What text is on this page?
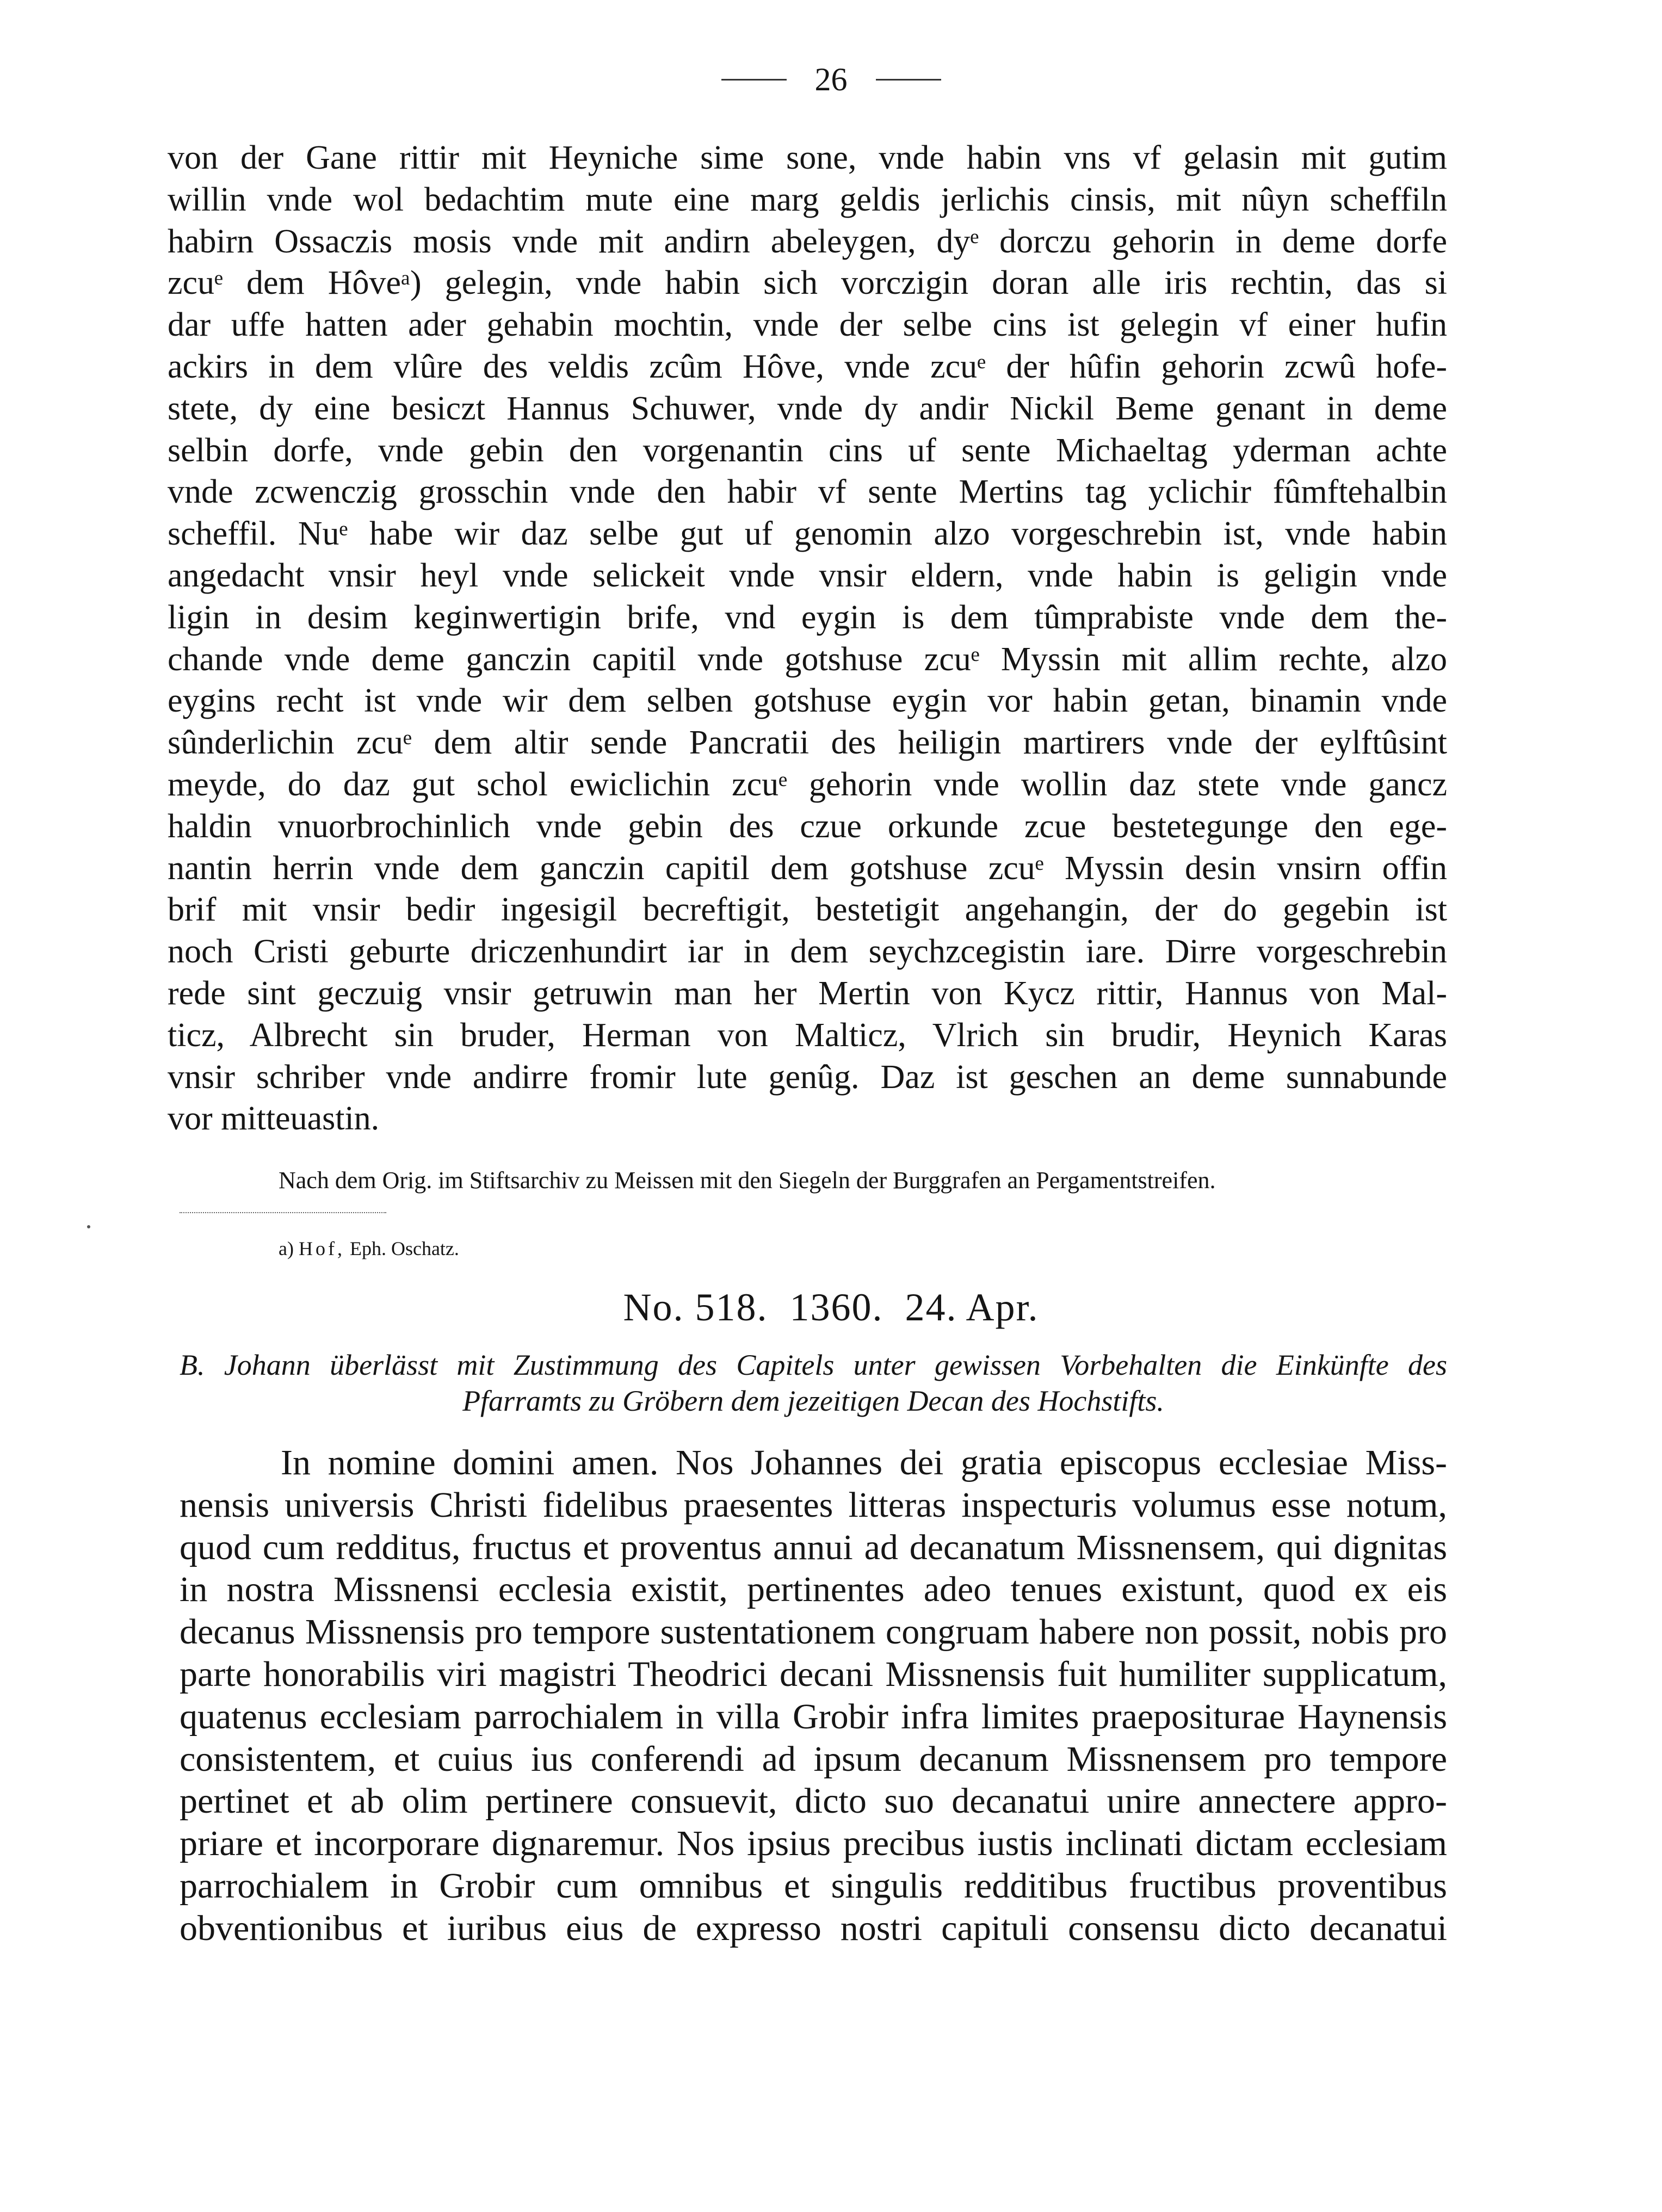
26
von der Gane rittir mit Heyniche sime sone, vnde habin vns vf gelasin mit gutim
willin vnde wol bedachtim mute eine marg geldis jerlichis cinsis, mit nûyn scheffiln
habirn Ossaczis mosis vnde mit andirn abeleygen, dyᵉ dorczu gehorin in deme dorfe
zcuᵉ dem Hôveᵃ) gelegin, vnde habin sich vorczigin doran alle iris rechtin, das si
dar uffe hatten ader gehabin mochtin, vnde der selbe cins ist gelegin vf einer hufin
ackirs in dem vlûre des veldis zcûm Hôve, vnde zcuᵉ der hûfin gehorin zcwû hofe-
stete, dy eine besiczt Hannus Schuwer, vnde dy andir Nickil Beme genant in deme
selbin dorfe, vnde gebin den vorgenantin cins uf sente Michaeltag yderman achte
vnde zcwenczig grosschin vnde den habir vf sente Mertins tag yclichir fûmftehalbin
scheffil. Nuᵉ habe wir daz selbe gut uf genomin alzo vorgeschrebin ist, vnde habin
angedacht vnsir heyl vnde selickeit vnde vnsir eldern, vnde habin is geligin vnde
ligin in desim keginwertigin brife, vnd eygin is dem tûmprabiste vnde dem the-
chande vnde deme ganczin capitil vnde gotshuse zcuᵉ Myssin mit allim rechte, alzo
eygins recht ist vnde wir dem selben gotshuse eygin vor habin getan, binamin vnde
sûnderlichin zcuᵉ dem altir sende Pancratii des heiligin martirers vnde der eylftûsint
meyde, do daz gut schol ewiclichin zcuᵉ gehorin vnde wollin daz stete vnde gancz
haldin vnuorbrochinlich vnde gebin des czue orkunde zcue bestetegunge den ege-
nantin herrin vnde dem ganczin capitil dem gotshuse zcuᵉ Myssin desin vnsirn offin
brif mit vnsir bedir ingesigil becreftigit, bestetigit angehangin, der do gegebin ist
noch Cristi geburte driczenhundirt iar in dem seychzcegistin iare. Dirre vorgeschrebin
rede sint geczuig vnsir getruwin man her Mertin von Kycz rittir, Hannus von Mal-
ticz, Albrecht sin bruder, Herman von Malticz, Vlrich sin brudir, Heynich Karas
vnsir schriber vnde andirre fromir lute genûg. Daz ist geschen an deme sunnabunde
vor mitteuastin.
Nach dem Orig. im Stiftsarchiv zu Meissen mit den Siegeln der Burggrafen an Pergamentstreifen.
a) Hof, Eph. Oschatz.
No. 518. 1360. 24. Apr.
B. Johann überlässt mit Zustimmung des Capitels unter gewissen Vorbehalten die Einkünfte des
Pfarramts zu Gröbern dem jezeitigen Decan des Hochstifts.
In nomine domini amen. Nos Johannes dei gratia episcopus ecclesiae Miss-
nensis universis Christi fidelibus praesentes litteras inspecturis volumus esse notum,
quod cum redditus, fructus et proventus annui ad decanatum Missnensem, qui dignitas
in nostra Missnensi ecclesia existit, pertinentes adeo tenues existunt, quod ex eis
decanus Missnensis pro tempore sustentationem congruam habere non possit, nobis pro
parte honorabilis viri magistri Theodrici decani Missnensis fuit humiliter supplicatum,
quatenus ecclesiam parrochialem in villa Grobir infra limites praepositurae Haynensis
consistentem, et cuius ius conferendi ad ipsum decanum Missnensem pro tempore
pertinet et ab olim pertinere consuevit, dicto suo decanatui unire annectere appro-
priare et incorporare dignaremur. Nos ipsius precibus iustis inclinati dictam ecclesiam
parrochialem in Grobir cum omnibus et singulis redditibus fructibus proventibus
obventionibus et iuribus eius de expresso nostri capituli consensu dicto decanatui
